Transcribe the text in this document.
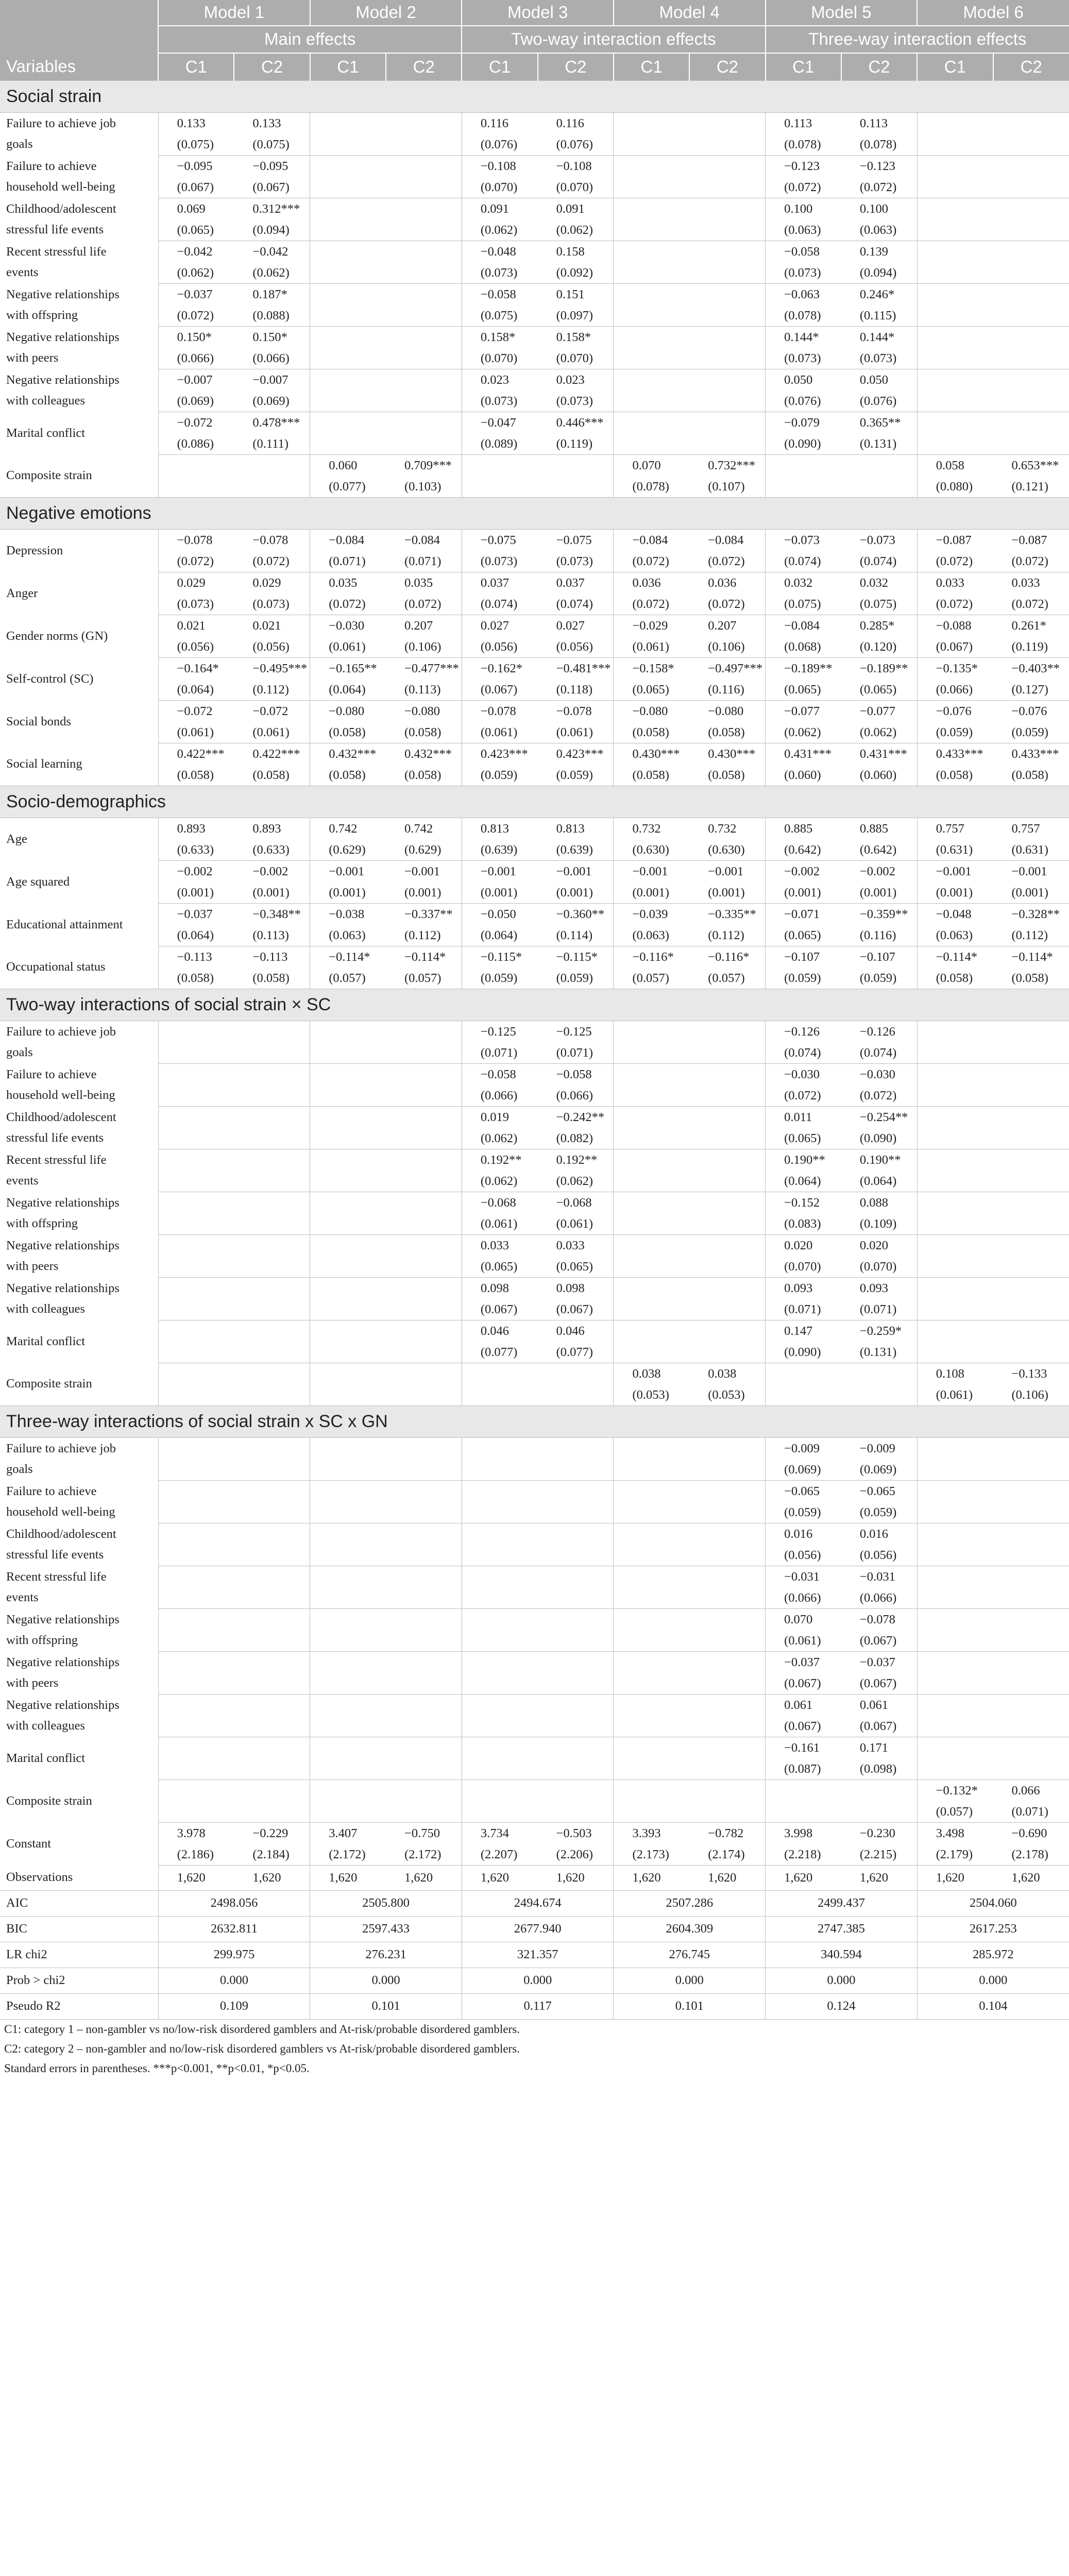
	Model 1		Model 2		Model 3		Model 4		Model 5		Model 6	
	Main effects				Two-way interaction effects				Three-way interaction effects			
Variables	C1	C2	C1	C2	C1	C2	C1	C2	C1	C2	C1	C2
Social strain												

Failure to achieve job
goals	0.133	0.133			0.116	0.116			0.113	0.113		
	(0.075)	(0.075)			(0.076)	(0.076)			(0.078)	(0.078)		

Failure to achieve
household well-being	−0.095	−0.095			−0.108	−0.108			−0.123	−0.123		
	(0.067)	(0.067)			(0.070)	(0.070)			(0.072)	(0.072)		

Childhood/adolescent
stressful life events	0.069	0.312***			0.091	0.091			0.100	0.100		
	(0.065)	(0.094)			(0.062)	(0.062)			(0.063)	(0.063)		

Recent stressful life
events	−0.042	−0.042			−0.048	0.158			−0.058	0.139		
	(0.062)	(0.062)			(0.073)	(0.092)			(0.073)	(0.094)		

Negative relationships
with offspring	−0.037	0.187*			−0.058	0.151			−0.063	0.246*		
	(0.072)	(0.088)			(0.075)	(0.097)			(0.078)	(0.115)		

Negative relationships
with peers	0.150*	0.150*			0.158*	0.158*			0.144*	0.144*		
	(0.066)	(0.066)			(0.070)	(0.070)			(0.073)	(0.073)		

Negative relationships
with colleagues	−0.007	−0.007			0.023	0.023			0.050	0.050		
	(0.069)	(0.069)			(0.073)	(0.073)			(0.076)	(0.076)		

Marital conflict	−0.072	0.478***			−0.047	0.446***			−0.079	0.365**		
	(0.086)	(0.111)			(0.089)	(0.119)			(0.090)	(0.131)		

Composite strain			0.060	0.709***			0.070	0.732***			0.058	0.653***
			(0.077)	(0.103)			(0.078)	(0.107)			(0.080)	(0.121)
Negative emotions												

Depression	−0.078	−0.078	−0.084	−0.084	−0.075	−0.075	−0.084	−0.084	−0.073	−0.073	−0.087	−0.087
	(0.072)	(0.072)	(0.071)	(0.071)	(0.073)	(0.073)	(0.072)	(0.072)	(0.074)	(0.074)	(0.072)	(0.072)

Anger	0.029	0.029	0.035	0.035	0.037	0.037	0.036	0.036	0.032	0.032	0.033	0.033
	(0.073)	(0.073)	(0.072)	(0.072)	(0.074)	(0.074)	(0.072)	(0.072)	(0.075)	(0.075)	(0.072)	(0.072)

Gender norms (GN)	0.021	0.021	−0.030	0.207	0.027	0.027	−0.029	0.207	−0.084	0.285*	−0.088	0.261*
	(0.056)	(0.056)	(0.061)	(0.106)	(0.056)	(0.056)	(0.061)	(0.106)	(0.068)	(0.120)	(0.067)	(0.119)

Self-control (SC)	−0.164*	−0.495***	−0.165**	−0.477***	−0.162*	−0.481***	−0.158*	−0.497***	−0.189**	−0.189**	−0.135*	−0.403**
	(0.064)	(0.112)	(0.064)	(0.113)	(0.067)	(0.118)	(0.065)	(0.116)	(0.065)	(0.065)	(0.066)	(0.127)

Social bonds	−0.072	−0.072	−0.080	−0.080	−0.078	−0.078	−0.080	−0.080	−0.077	−0.077	−0.076	−0.076
	(0.061)	(0.061)	(0.058)	(0.058)	(0.061)	(0.061)	(0.058)	(0.058)	(0.062)	(0.062)	(0.059)	(0.059)

Social learning	0.422***	0.422***	0.432***	0.432***	0.423***	0.423***	0.430***	0.430***	0.431***	0.431***	0.433***	0.433***
	(0.058)	(0.058)	(0.058)	(0.058)	(0.059)	(0.059)	(0.058)	(0.058)	(0.060)	(0.060)	(0.058)	(0.058)
Socio-demographics												

Age	0.893	0.893	0.742	0.742	0.813	0.813	0.732	0.732	0.885	0.885	0.757	0.757
	(0.633)	(0.633)	(0.629)	(0.629)	(0.639)	(0.639)	(0.630)	(0.630)	(0.642)	(0.642)	(0.631)	(0.631)

Age squared	−0.002	−0.002	−0.001	−0.001	−0.001	−0.001	−0.001	−0.001	−0.002	−0.002	−0.001	−0.001
	(0.001)	(0.001)	(0.001)	(0.001)	(0.001)	(0.001)	(0.001)	(0.001)	(0.001)	(0.001)	(0.001)	(0.001)

Educational attainment	−0.037	−0.348**	−0.038	−0.337**	−0.050	−0.360**	−0.039	−0.335**	−0.071	−0.359**	−0.048	−0.328**
	(0.064)	(0.113)	(0.063)	(0.112)	(0.064)	(0.114)	(0.063)	(0.112)	(0.065)	(0.116)	(0.063)	(0.112)

Occupational status	−0.113	−0.113	−0.114*	−0.114*	−0.115*	−0.115*	−0.116*	−0.116*	−0.107	−0.107	−0.114*	−0.114*
	(0.058)	(0.058)	(0.057)	(0.057)	(0.059)	(0.059)	(0.057)	(0.057)	(0.059)	(0.059)	(0.058)	(0.058)
Two-way interactions of social strain × SC												

Failure to achieve job
goals					−0.125	−0.125			−0.126	−0.126		
					(0.071)	(0.071)			(0.074)	(0.074)		

Failure to achieve
household well-being					−0.058	−0.058			−0.030	−0.030		
					(0.066)	(0.066)			(0.072)	(0.072)		

Childhood/adolescent
stressful life events					0.019	−0.242**			0.011	−0.254**		
					(0.062)	(0.082)			(0.065)	(0.090)		

Recent stressful life
events					0.192**	0.192**			0.190**	0.190**		
					(0.062)	(0.062)			(0.064)	(0.064)		

Negative relationships
with offspring					−0.068	−0.068			−0.152	0.088		
					(0.061)	(0.061)			(0.083)	(0.109)		

Negative relationships
with peers					0.033	0.033			0.020	0.020		
					(0.065)	(0.065)			(0.070)	(0.070)		

Negative relationships
with colleagues					0.098	0.098			0.093	0.093		
					(0.067)	(0.067)			(0.071)	(0.071)		

Marital conflict					0.046	0.046			0.147	−0.259*		
					(0.077)	(0.077)			(0.090)	(0.131)		

Composite strain							0.038	0.038			0.108	−0.133
							(0.053)	(0.053)			(0.061)	(0.106)
Three-way interactions of social strain x SC x GN												

Failure to achieve job
goals									−0.009	−0.009		
									(0.069)	(0.069)		

Failure to achieve
household well-being									−0.065	−0.065		
									(0.059)	(0.059)		

Childhood/adolescent
stressful life events									0.016	0.016		
									(0.056)	(0.056)		

Recent stressful life
events									−0.031	−0.031		
									(0.066)	(0.066)		

Negative relationships
with offspring									0.070	−0.078		
									(0.061)	(0.067)		

Negative relationships
with peers									−0.037	−0.037		
									(0.067)	(0.067)		

Negative relationships
with colleagues									0.061	0.061		
									(0.067)	(0.067)		

Marital conflict									−0.161	0.171		
									(0.087)	(0.098)		

Composite strain											−0.132*	0.066
											(0.057)	(0.071)

Constant	3.978	−0.229	3.407	−0.750	3.734	−0.503	3.393	−0.782	3.998	−0.230	3.498	−0.690
	(2.186)	(2.184)	(2.172)	(2.172)	(2.207)	(2.206)	(2.173)	(2.174)	(2.218)	(2.215)	(2.179)	(2.178)

Observations	1,620	1,620	1,620	1,620	1,620	1,620	1,620	1,620	1,620	1,620	1,620	1,620
AIC	2498.056		2505.800		2494.674		2507.286		2499.437		2504.060	
BIC	2632.811		2597.433		2677.940		2604.309		2747.385		2617.253	
LR chi2	299.975		276.231		321.357		276.745		340.594		285.972	
Prob > chi2	0.000		0.000		0.000		0.000		0.000		0.000	
Pseudo R2	0.109		0.101		0.117		0.101		0.124		0.104	

C1: category 1 – non-gambler vs no/low-risk disordered gamblers and At-risk/probable disordered gamblers.

C2: category 2 – non-gambler and no/low-risk disordered gamblers vs At-risk/probable disordered gamblers.

Standard errors in parentheses. ***p<0.001, **p<0.01, *p<0.05.
